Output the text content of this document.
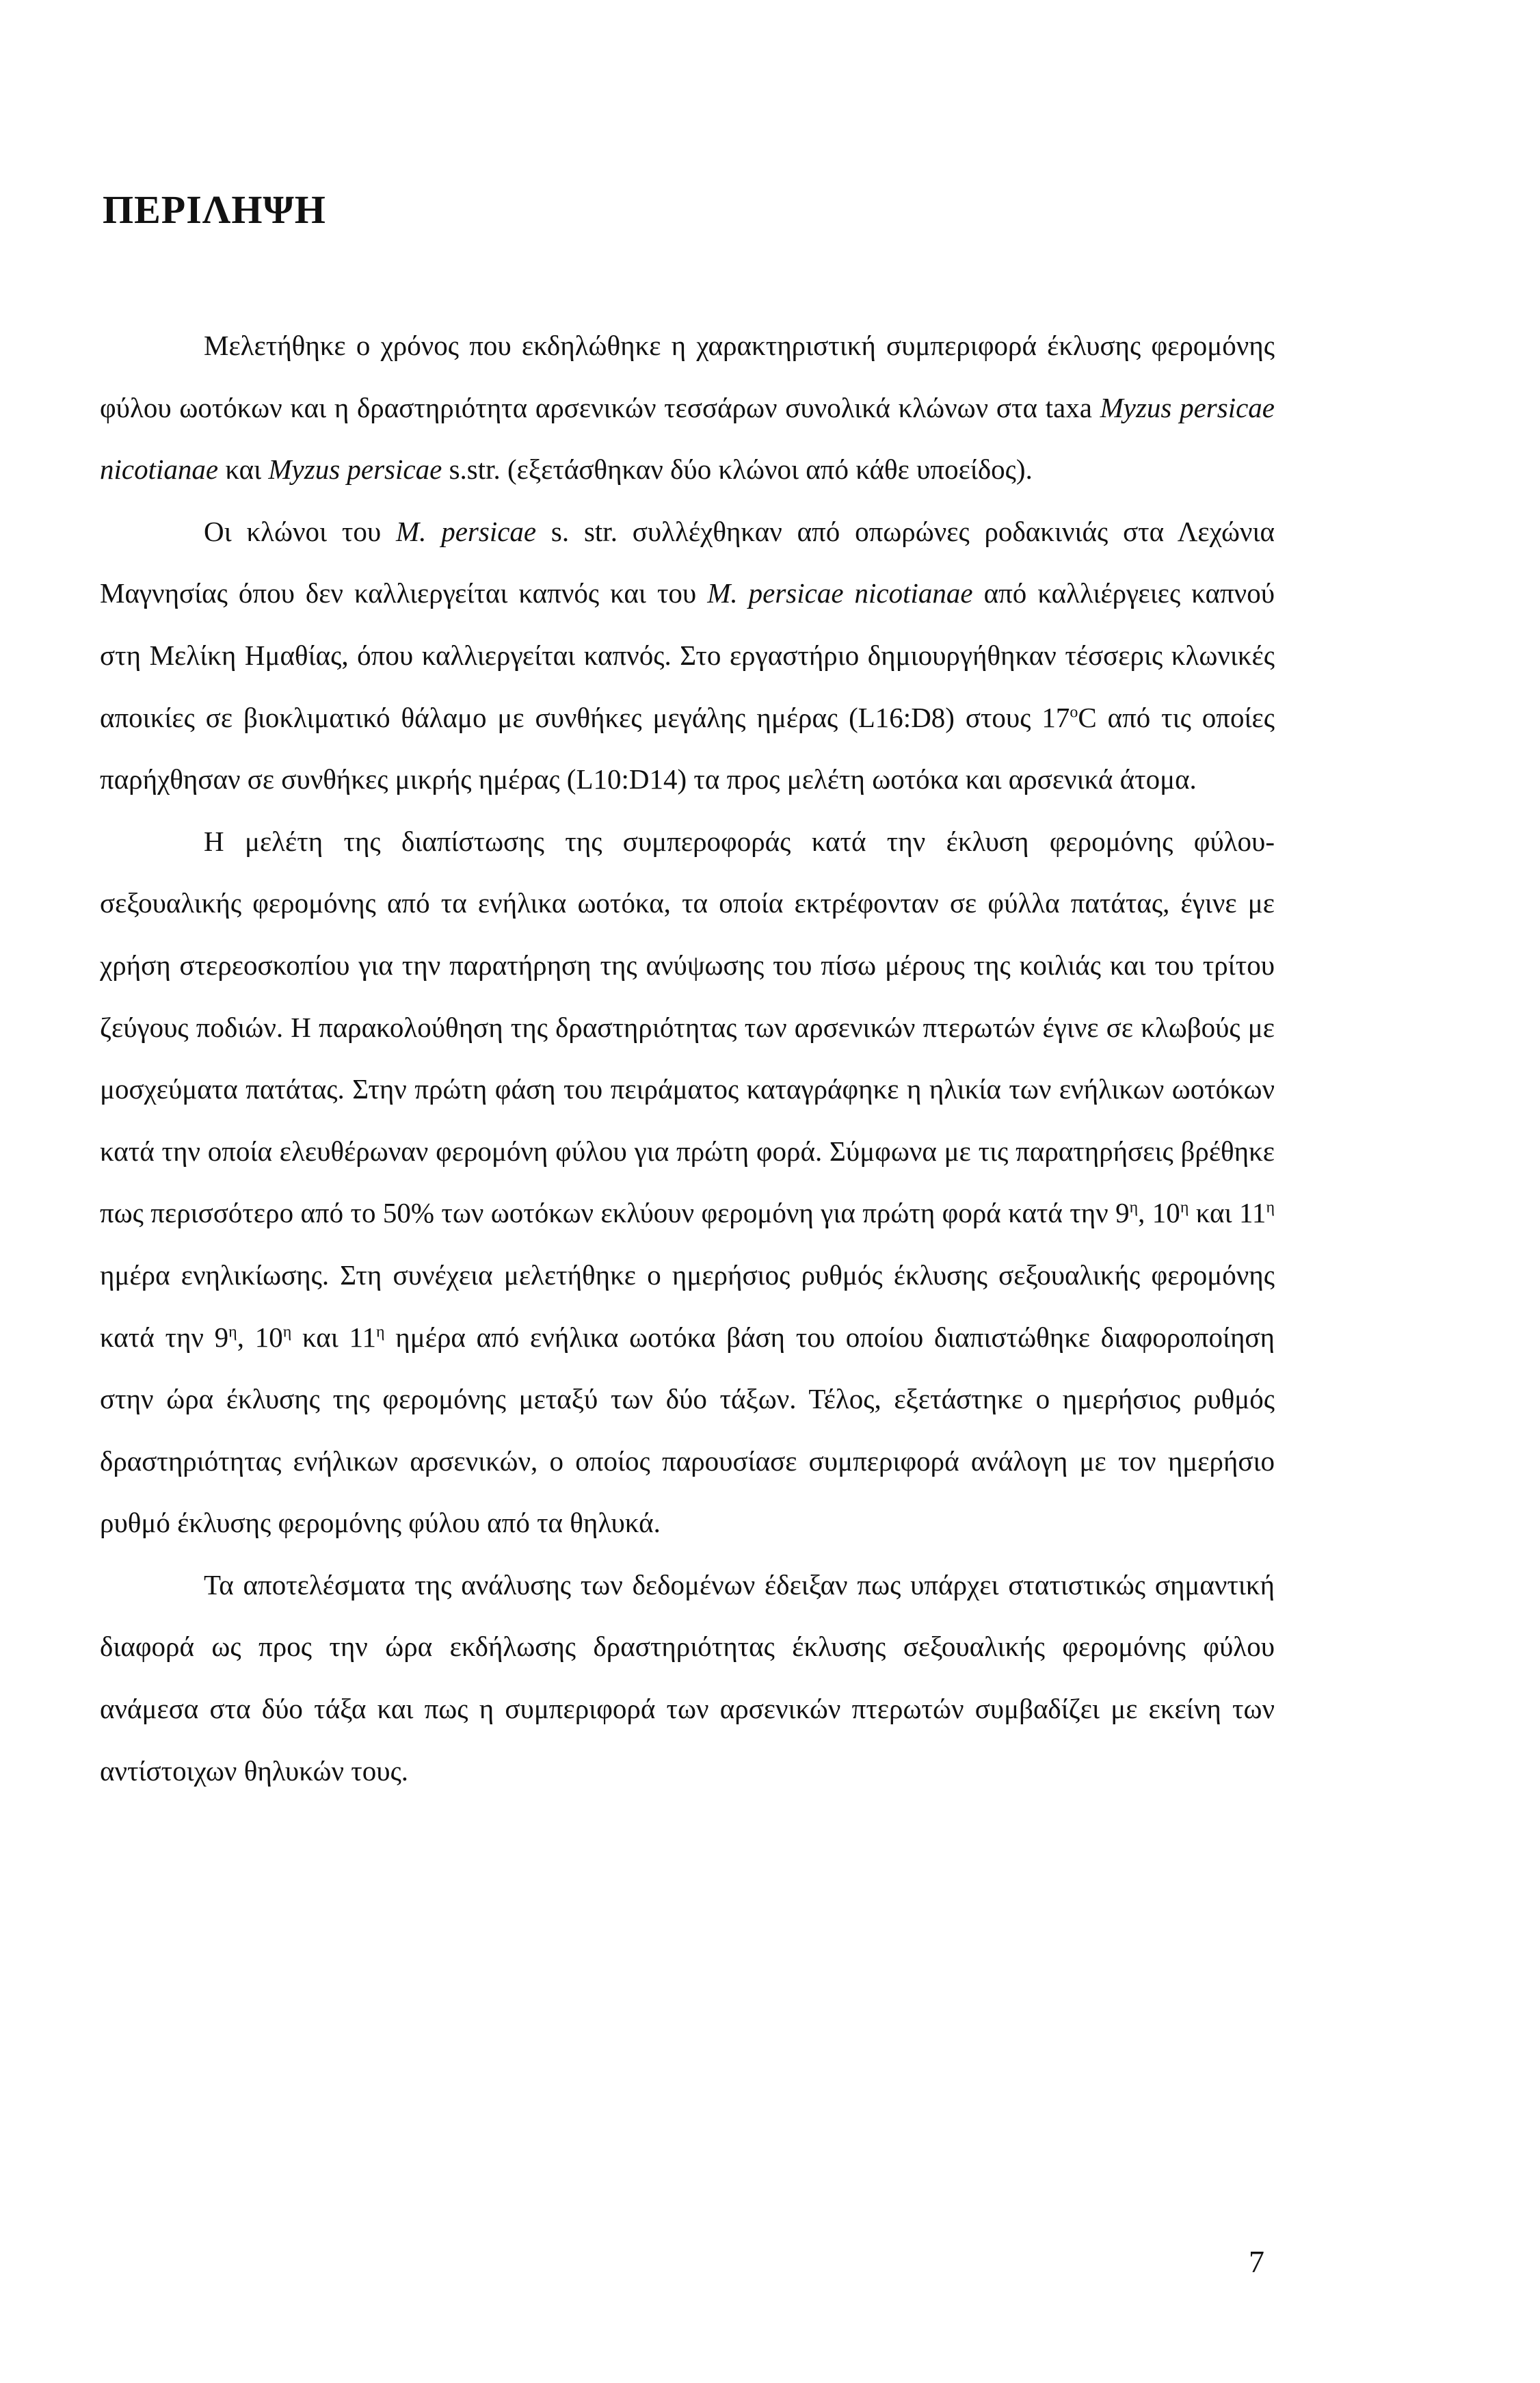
ΠΕΡΙΛΗΨΗ

Μελετήθηκε ο χρόνος που εκδηλώθηκε η χαρακτηριστική συμπεριφορά έκλυσης φερομόνης φύλου ωοτόκων και η δραστηριότητα αρσενικών τεσσάρων συνολικά κλώνων στα taxa Myzus persicae nicotianae και Myzus persicae s.str. (εξετάσθηκαν δύο κλώνοι από κάθε υποείδος).

Οι κλώνοι του M. persicae s. str. συλλέχθηκαν από οπωρώνες ροδακινιάς στα Λεχώνια Μαγνησίας όπου δεν καλλιεργείται καπνός και του M. persicae nicotianae από καλλιέργειες καπνού στη Μελίκη Ημαθίας, όπου καλλιεργείται καπνός. Στο εργαστήριο δημιουργήθηκαν τέσσερις κλωνικές αποικίες σε βιοκλιματικό θάλαμο με συνθήκες μεγάλης ημέρας (L16:D8) στους 17$^o$C από τις οποίες παρήχθησαν σε συνθήκες μικρής ημέρας (L10:D14) τα προς μελέτη ωοτόκα και αρσενικά άτομα.

Η μελέτη της διαπίστωσης της συμπεροφοράς κατά την έκλυση φερομόνης φύλου-σεξουαλικής φερομόνης από τα ενήλικα ωοτόκα, τα οποία εκτρέφονταν σε φύλλα πατάτας, έγινε με χρήση στερεοσκοπίου για την παρατήρηση της ανύψωσης του πίσω μέρους της κοιλιάς και του τρίτου ζεύγους ποδιών. Η παρακολούθηση της δραστηριότητας των αρσενικών πτερωτών έγινε σε κλωβούς με μοσχεύματα πατάτας. Στην πρώτη φάση του πειράματος καταγράφηκε η ηλικία των ενήλικων ωοτόκων κατά την οποία ελευθέρωναν φερομόνη φύλου για πρώτη φορά. Σύμφωνα με τις παρατηρήσεις βρέθηκε πως περισσότερο από το 50% των ωοτόκων εκλύουν φερομόνη για πρώτη φορά κατά την $9^\eta$, $10^\eta$ και $11^\eta$ ημέρα ενηλικίωσης. Στη συνέχεια μελετήθηκε ο ημερήσιος ρυθμός έκλυσης σεξουαλικής φερομόνης κατά την $9^\eta$, $10^\eta$ και $11^\eta$ ημέρα από ενήλικα ωοτόκα βάση του οποίου διαπιστώθηκε διαφοροποίηση στην ώρα έκλυσης της φερομόνης μεταξύ των δύο τάξων. Τέλος, εξετάστηκε ο ημερήσιος ρυθμός δραστηριότητας ενήλικων αρσενικών, ο οποίος παρουσίασε συμπεριφορά ανάλογη με τον ημερήσιο ρυθμό έκλυσης φερομόνης φύλου από τα θηλυκά.

Τα αποτελέσματα της ανάλυσης των δεδομένων έδειξαν πως υπάρχει στατιστικώς σημαντική διαφορά ως προς την ώρα εκδήλωσης δραστηριότητας έκλυσης σεξουαλικής φερομόνης φύλου ανάμεσα στα δύο τάξα και πως η συμπεριφορά των αρσενικών πτερωτών συμβαδίζει με εκείνη των αντίστοιχων θηλυκών τους.

7
